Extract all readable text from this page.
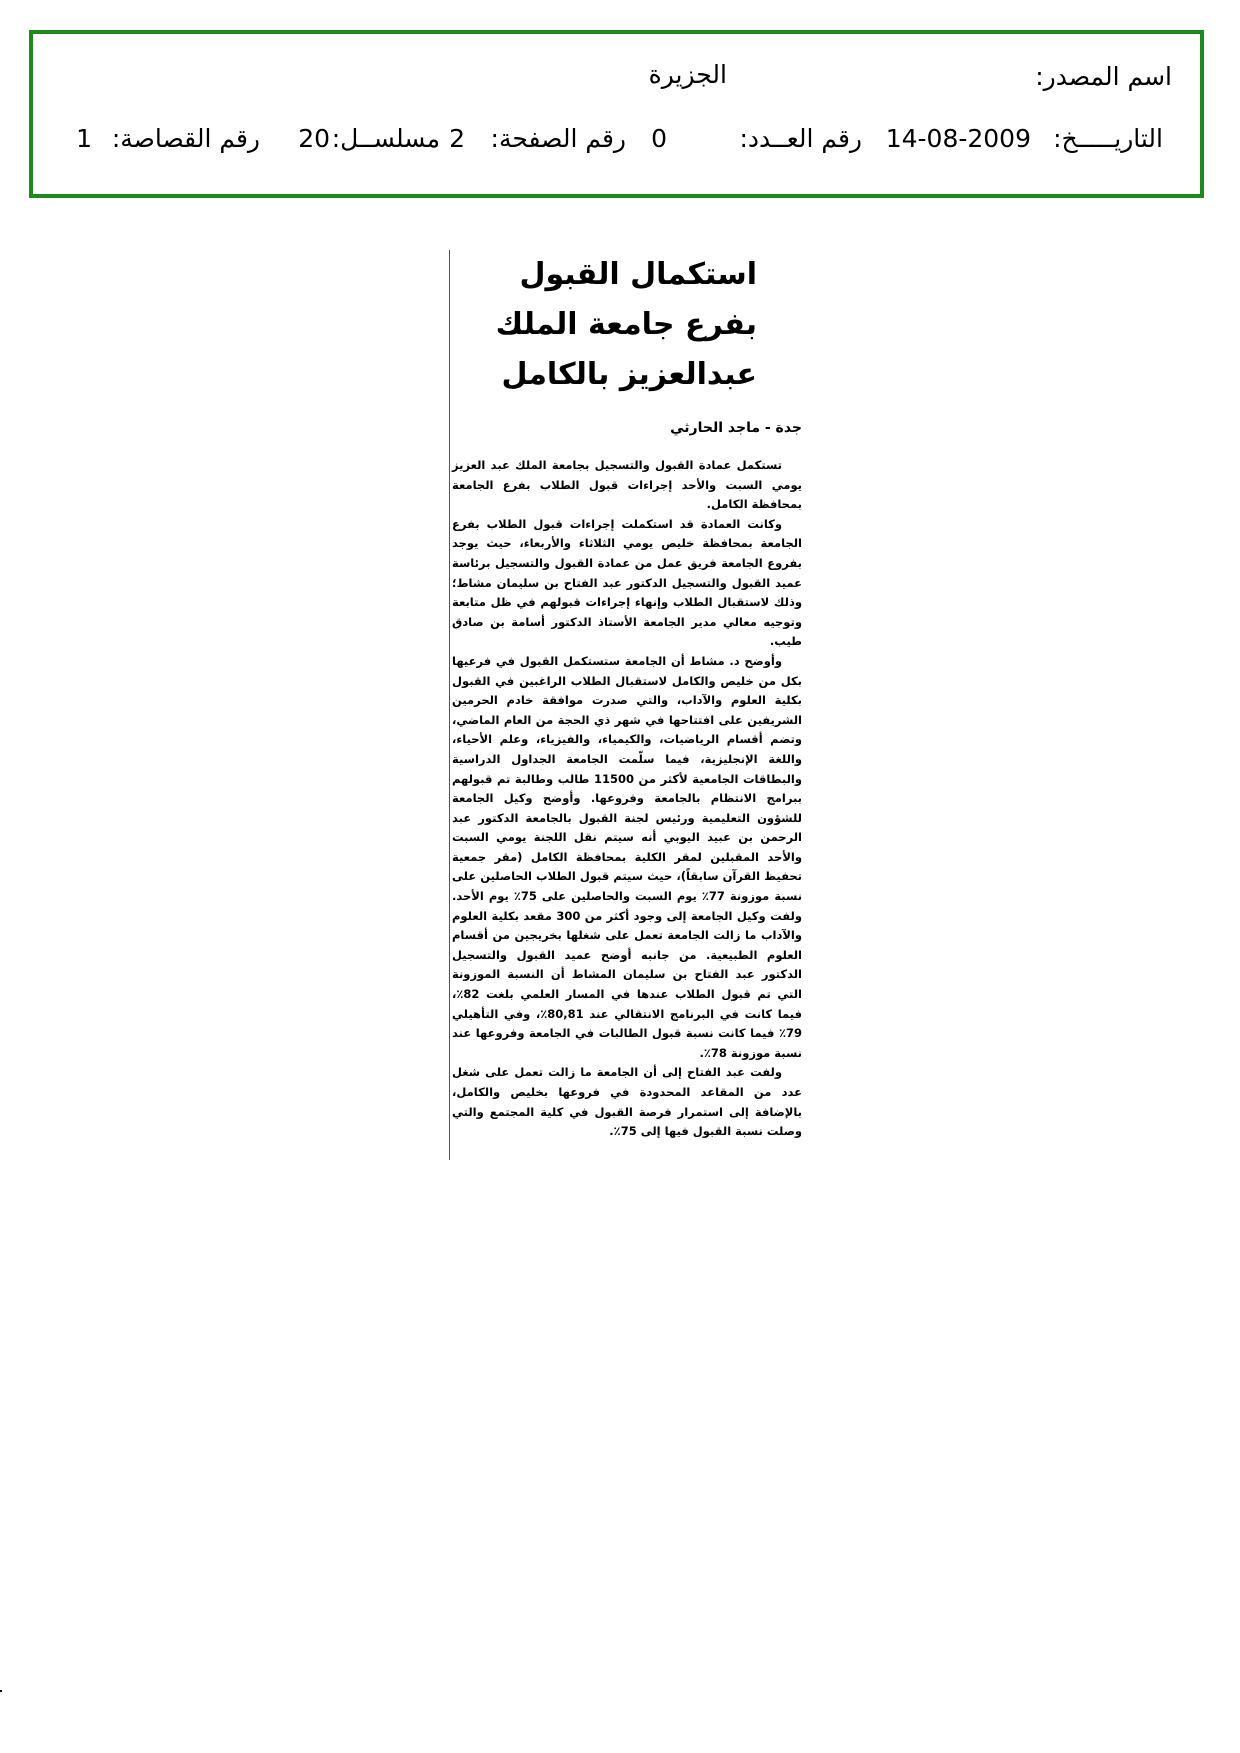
اسم المصدر:
الجزيرة
التاريـــــخ:
14-08-2009
رقم العــدد:
0
رقم الصفحة:
2
مسلســل:
20
رقم القصاصة:
1
استكمال القبول بفرع جامعة الملك
عبدالعزيز بالكامل
جدة - ماجد الحارثي

تستكمل عمادة القبول والتسجيل بجامعة الملك عبد العزيز يومي السبت والأحد إجراءات قبول الطلاب بفرع الجامعة بمحافظة الكامل.

وكانت العمادة قد استكملت إجراءات قبول الطلاب بفرع الجامعة بمحافظة خليص يومي الثلاثاء والأربعاء، حيث يوجد بفروع الجامعة فريق عمل من عمادة القبول والتسجيل برئاسة عميد القبول والتسجيل الدكتور عبد الفتاح بن سليمان مشاط؛ وذلك لاستقبال الطلاب وإنهاء إجراءات قبولهم في ظل متابعة وتوجيه معالي مدير الجامعة الأستاذ الدكتور أسامة بن صادق طيب.

وأوضح د. مشاط أن الجامعة ستستكمل القبول في فرعيها بكل من خليص والكامل لاستقبال الطلاب الراغبين في القبول بكلية العلوم والآداب، والتي صدرت موافقة خادم الحرمين الشريفين على افتتاحها في شهر ذي الحجة من العام الماضي، وتضم أقسام الرياضيات، والكيمياء، والفيزياء، وعلم الأحياء، واللغة الإنجليزية، فيما سلّمت الجامعة الجداول الدراسية والبطاقات الجامعية لأكثر من 11500 طالب وطالبة تم قبولهم ببرامج الانتظام بالجامعة وفروعها. وأوضح وكيل الجامعة للشؤون التعليمية ورئيس لجنة القبول بالجامعة الدكتور عبد الرحمن بن عبيد اليوبي أنه سيتم نقل اللجنة يومي السبت والأحد المقبلين لمقر الكلية بمحافظة الكامل (مقر جمعية تحفيظ القرآن سابقاً)، حيث سيتم قبول الطلاب الحاصلين على نسبة موزونة 77٪ يوم السبت والحاصلين على 75٪ يوم الأحد. ولفت وكيل الجامعة إلى وجود أكثر من 300 مقعد بكلية العلوم والآداب ما زالت الجامعة تعمل على شغلها بخريجين من أقسام العلوم الطبيعية. من جانبه أوضح عميد القبول والتسجيل الدكتور عبد الفتاح بن سليمان المشاط أن النسبة الموزونة التي تم قبول الطلاب عندها في المسار العلمي بلغت 82٪، فيما كانت في البرنامج الانتقالي عند 80,81٪، وفي التأهيلي 79٪ فيما كانت نسبة قبول الطالبات في الجامعة وفروعها عند نسبة موزونة 78٪.

ولفت عبد الفتاح إلى أن الجامعة ما زالت تعمل على شغل عدد من المقاعد المحدودة في فروعها بخليص والكامل، بالإضافة إلى استمرار فرصة القبول في كلية المجتمع والتي وصلت نسبة القبول فيها إلى 75٪.
